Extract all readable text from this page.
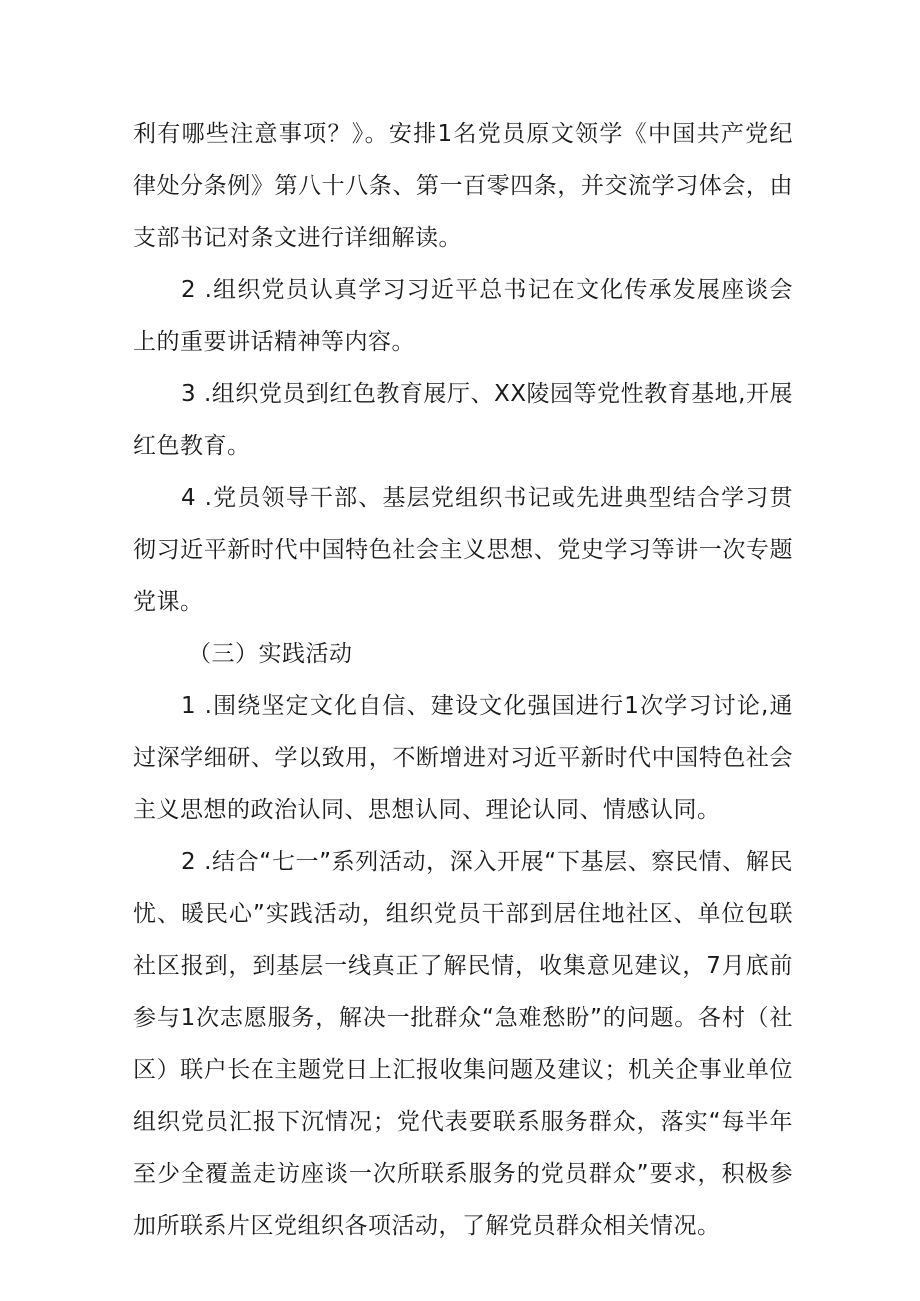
利有哪些注意事项？》。安排1名党员原文领学《中国共产党纪律处分条例》第八十八条、第一百零四条，并交流学习体会，由支部书记对条文进行详细解读。

2 .组织党员认真学习习近平总书记在文化传承发展座谈会上的重要讲话精神等内容。

3 .组织党员到红色教育展厅、XX陵园等党性教育基地,开展红色教育。

4 .党员领导干部、基层党组织书记或先进典型结合学习贯彻习近平新时代中国特色社会主义思想、党史学习等讲一次专题党课。

（三）实践活动

1 .围绕坚定文化自信、建设文化强国进行1次学习讨论,通过深学细研、学以致用，不断增进对习近平新时代中国特色社会主义思想的政治认同、思想认同、理论认同、情感认同。

2 .结合“七一”系列活动，深入开展“下基层、察民情、解民忧、暖民心”实践活动，组织党员干部到居住地社区、单位包联社区报到，到基层一线真正了解民情，收集意见建议，7月底前参与1次志愿服务，解决一批群众“急难愁盼”的问题。各村（社区）联户长在主题党日上汇报收集问题及建议；机关企事业单位组织党员汇报下沉情况；党代表要联系服务群众，落实“每半年至少全覆盖走访座谈一次所联系服务的党员群众”要求，积极参加所联系片区党组织各项活动，了解党员群众相关情况。
